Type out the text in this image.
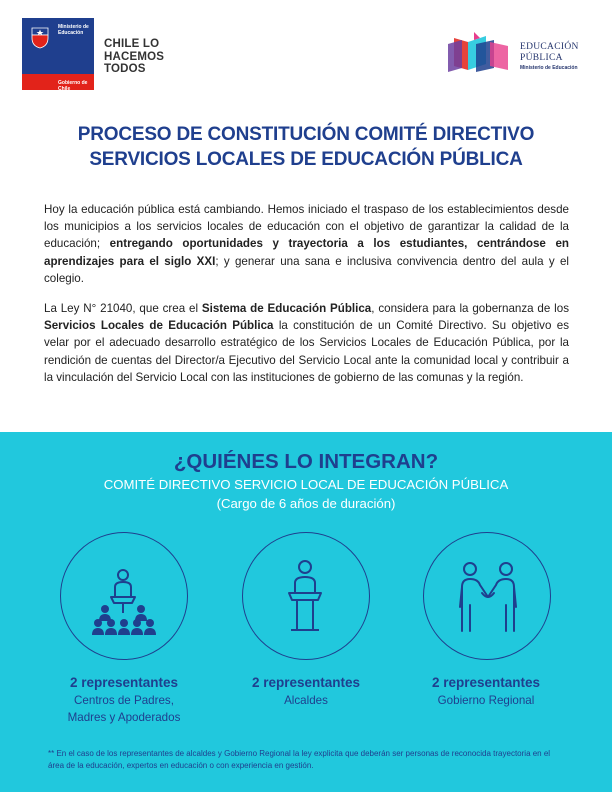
Ministerio de
Educación
Gobierno de Chile
CHILE LO
HACEMOS
TODOS
EDUCACIÓN
PÚBLICA
Ministerio de Educación
PROCESO DE CONSTITUCIÓN COMITÉ DIRECTIVO
SERVICIOS LOCALES DE EDUCACIÓN PÚBLICA

Hoy la educación pública está cambiando. Hemos iniciado el traspaso de los establecimientos desde los municipios a los servicios locales de educación con el objetivo de garantizar la calidad de la educación; entregando oportunidades y trayectoria a los estudiantes, centrándose en aprendizajes para el siglo XXI; y generar una sana e inclusiva convivencia dentro del aula y el colegio.

La Ley N° 21040, que crea el Sistema de Educación Pública, considera para la gobernanza de los Servicios Locales de Educación Pública la constitución de un Comité Directivo. Su objetivo es velar por el adecuado desarrollo estratégico de los Servicios Locales de Educación Pública, por la rendición de cuentas del Director/a Ejecutivo del Servicio Local ante la comunidad local y contribuir a la vinculación del Servicio Local con las instituciones de gobierno de las comunas y la región.

¿QUIÉNES LO INTEGRAN?
COMITÉ DIRECTIVO SERVICIO LOCAL DE EDUCACIÓN PÚBLICA
(Cargo de 6 años de duración)
2 representantes
Centros de Padres,
Madres y Apoderados
2 representantes
Alcaldes
2 representantes
Gobierno Regional
** En el caso de los representantes de alcaldes y Gobierno Regional la ley explicita que deberán ser personas de reconocida trayectoria en el área de la educación, expertos en educación o con experiencia en gestión.
